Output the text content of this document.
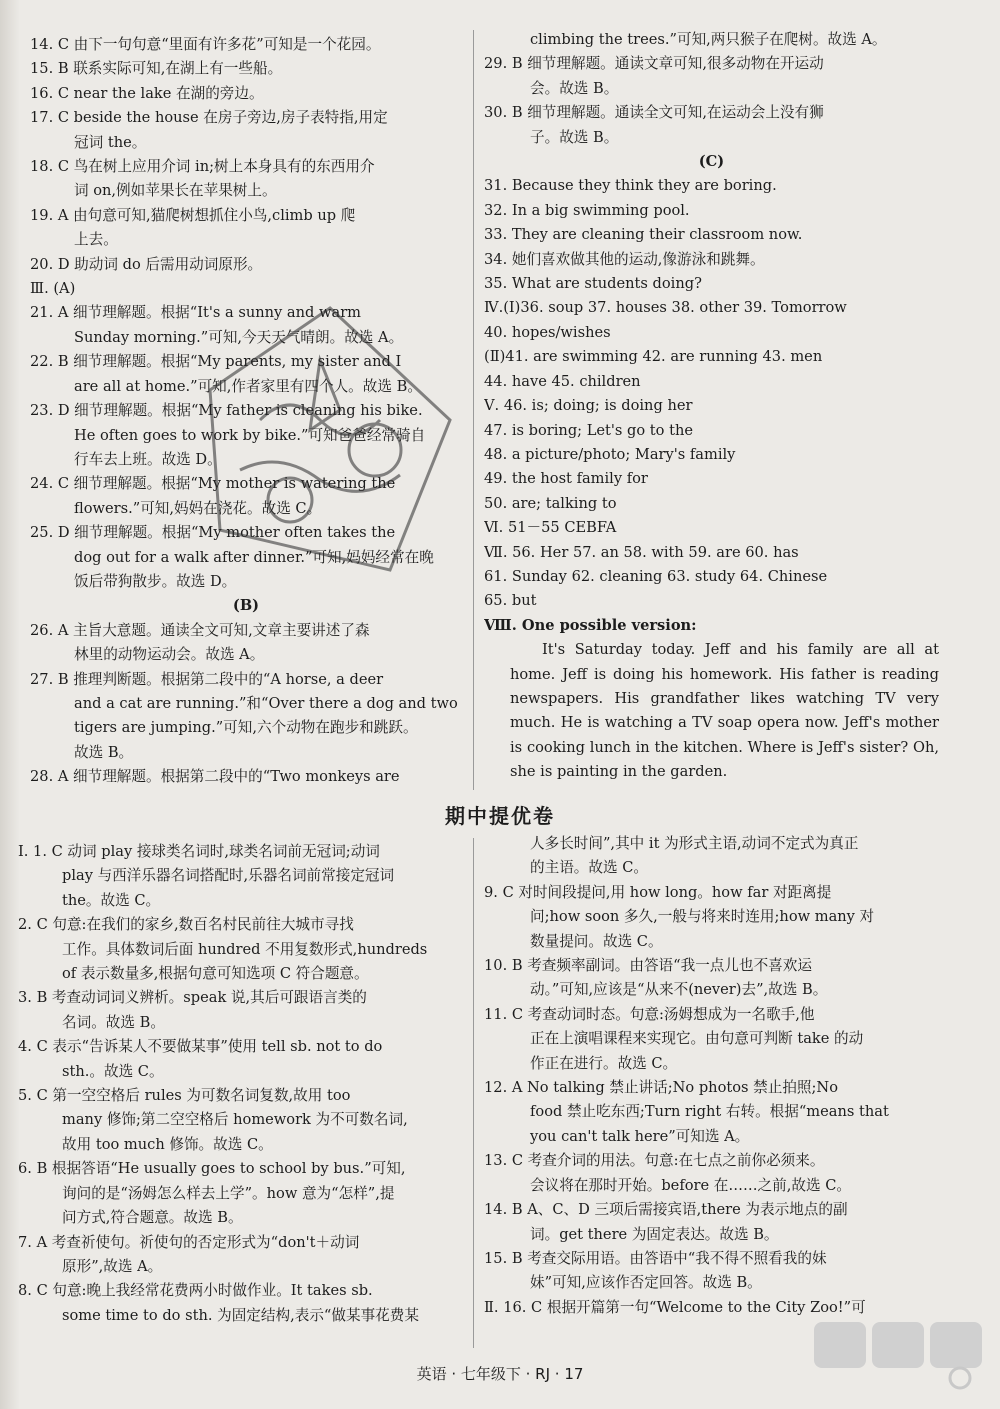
14. C 由下一句句意“里面有许多花”可知是一个花园。
15. B 联系实际可知,在湖上有一些船。
16. C near the lake 在湖的旁边。
17. C beside the house 在房子旁边,房子表特指,用定
冠词 the。
18. C 鸟在树上应用介词 in;树上本身具有的东西用介
词 on,例如苹果长在苹果树上。
19. A 由句意可知,猫爬树想抓住小鸟,climb up 爬
上去。
20. D 助动词 do 后需用动词原形。
Ⅲ. (A)
21. A 细节理解题。根据“It's a sunny and warm
Sunday morning.”可知,今天天气晴朗。故选 A。
22. B 细节理解题。根据“My parents, my sister and I
are all at home.”可知,作者家里有四个人。故选 B。
23. D 细节理解题。根据“My father is cleaning his bike.
He often goes to work by bike.”可知爸爸经常骑自
行车去上班。故选 D。
24. C 细节理解题。根据“My mother is watering the
flowers.”可知,妈妈在浇花。故选 C。
25. D 细节理解题。根据“My mother often takes the
dog out for a walk after dinner.”可知,妈妈经常在晚
饭后带狗散步。故选 D。
(B)
26. A 主旨大意题。通读全文可知,文章主要讲述了森
林里的动物运动会。故选 A。
27. B 推理判断题。根据第二段中的“A horse, a deer
and a cat are running.”和“Over there a dog and two
tigers are jumping.”可知,六个动物在跑步和跳跃。
故选 B。
28. A 细节理解题。根据第二段中的“Two monkeys are
climbing the trees.”可知,两只猴子在爬树。故选 A。
29. B 细节理解题。通读文章可知,很多动物在开运动
会。故选 B。
30. B 细节理解题。通读全文可知,在运动会上没有狮
子。故选 B。
(C)
31. Because they think they are boring.
32. In a big swimming pool.
33. They are cleaning their classroom now.
34. 她们喜欢做其他的运动,像游泳和跳舞。
35. What are students doing?
Ⅳ.(Ⅰ)36. soup 37. houses 38. other 39. Tomorrow
40. hopes/wishes
(Ⅱ)41. are swimming 42. are running 43. men
44. have 45. children
Ⅴ. 46. is; doing; is doing her
47. is boring; Let's go to the
48. a picture/photo; Mary's family
49. the host family for
50. are; talking to
Ⅵ. 51－55 CEBFA
Ⅶ. 56. Her 57. an 58. with 59. are 60. has
61. Sunday 62. cleaning 63. study 64. Chinese
65. but
Ⅷ. One possible version:
It's Saturday today. Jeff and his family are all at home. Jeff is doing his homework. His father is reading newspapers. His grandfather likes watching TV very much. He is watching a TV soap opera now. Jeff's mother is cooking lunch in the kitchen. Where is Jeff's sister? Oh, she is painting in the garden.
期中提优卷
Ⅰ. 1. C 动词 play 接球类名词时,球类名词前无冠词;动词
play 与西洋乐器名词搭配时,乐器名词前常接定冠词
the。故选 C。
2. C 句意:在我们的家乡,数百名村民前往大城市寻找
工作。具体数词后面 hundred 不用复数形式,hundreds
of 表示数量多,根据句意可知选项 C 符合题意。
3. B 考查动词词义辨析。speak 说,其后可跟语言类的
名词。故选 B。
4. C 表示“告诉某人不要做某事”使用 tell sb. not to do
sth.。故选 C。
5. C 第一空空格后 rules 为可数名词复数,故用 too
many 修饰;第二空空格后 homework 为不可数名词,
故用 too much 修饰。故选 C。
6. B 根据答语“He usually goes to school by bus.”可知,
询问的是“汤姆怎么样去上学”。how 意为“怎样”,提
问方式,符合题意。故选 B。
7. A 考查祈使句。祈使句的否定形式为“don't＋动词
原形”,故选 A。
8. C 句意:晚上我经常花费两小时做作业。It takes sb.
some time to do sth. 为固定结构,表示“做某事花费某
人多长时间”,其中 it 为形式主语,动词不定式为真正
的主语。故选 C。
9. C 对时间段提问,用 how long。how far 对距离提
问;how soon 多久,一般与将来时连用;how many 对
数量提问。故选 C。
10. B 考查频率副词。由答语“我一点儿也不喜欢运
动。”可知,应该是“从来不(never)去”,故选 B。
11. C 考查动词时态。句意:汤姆想成为一名歌手,他
正在上演唱课程来实现它。由句意可判断 take 的动
作正在进行。故选 C。
12. A No talking 禁止讲话;No photos 禁止拍照;No
food 禁止吃东西;Turn right 右转。根据“means that
you can't talk here”可知选 A。
13. C 考查介词的用法。句意:在七点之前你必须来。
会议将在那时开始。before 在……之前,故选 C。
14. B A、C、D 三项后需接宾语,there 为表示地点的副
词。get there 为固定表达。故选 B。
15. B 考查交际用语。由答语中“我不得不照看我的妹
妹”可知,应该作否定回答。故选 B。
Ⅱ. 16. C 根据开篇第一句“Welcome to the City Zoo!”可
英语 · 七年级下 · RJ · 17
